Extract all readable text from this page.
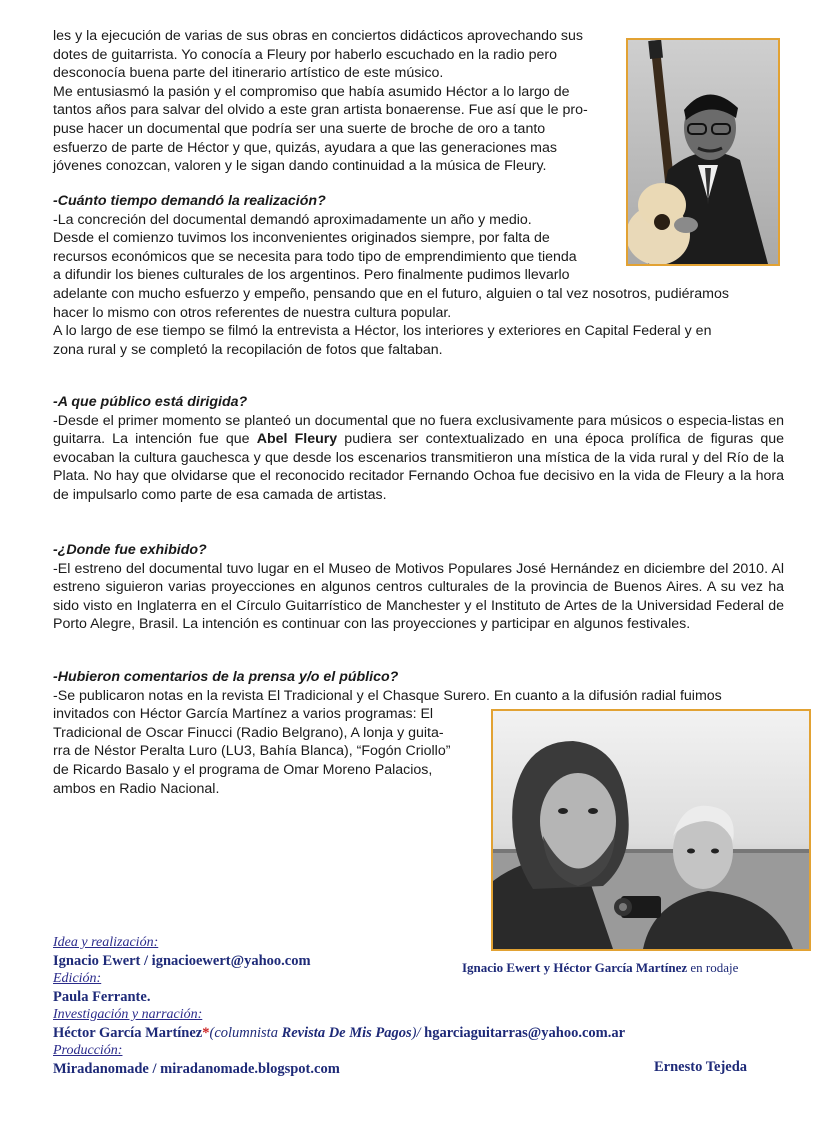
les y la ejecución de varias de sus obras en conciertos didácticos aprovechando sus

dotes de guitarrista. Yo conocía a Fleury por haberlo escuchado en la radio pero

desconocía buena parte del itinerario artístico de este músico.

Me entusiasmó la pasión y el compromiso que había asumido Héctor a lo largo de

tantos años para salvar del olvido a este gran artista bonaerense. Fue así que le pro-

puse hacer un documental que podría ser una suerte de broche de oro a tanto

esfuerzo de parte de Héctor y que, quizás, ayudara a que las generaciones mas

jóvenes conozcan, valoren y le sigan dando continuidad a la música de Fleury.

-Cuánto tiempo demandó la realización?

-La concreción del documental demandó aproximadamente un año y medio.

Desde el comienzo tuvimos los inconvenientes originados siempre, por falta de

recursos económicos que se necesita para todo tipo de emprendimiento que tienda

a difundir los bienes culturales de los argentinos. Pero finalmente pudimos llevarlo

adelante con mucho esfuerzo y empeño, pensando que en el futuro, alguien o tal vez nosotros, pudiéramos

hacer lo mismo con otros referentes de nuestra cultura popular.

A lo largo de ese tiempo se filmó la entrevista a Héctor, los interiores y exteriores en Capital Federal y en

zona rural y se completó la recopilación de fotos que faltaban.

-A que público está dirigida?

-Desde el primer momento se planteó un documental que no fuera exclusivamente para músicos o especia-listas en guitarra. La intención fue que Abel Fleury pudiera ser contextualizado en una época prolífica de figuras que evocaban la cultura gauchesca y que desde los escenarios transmitieron una mística de la vida rural y del Río de la Plata. No hay que olvidarse que el reconocido recitador Fernando Ochoa fue decisivo en la vida de Fleury a la hora de impulsarlo como parte de esa camada de artistas.

-¿Donde fue exhibido?

-El estreno del documental tuvo lugar en el Museo de Motivos Populares José Hernández en diciembre del 2010. Al estreno siguieron varias proyecciones en algunos centros culturales de la provincia de Buenos Aires. A su vez ha sido visto en Inglaterra en el Círculo Guitarrístico de Manchester y el Instituto de Artes de la Universidad Federal de Porto Alegre, Brasil. La intención es continuar con las proyecciones y participar en algunos festivales.

-Hubieron comentarios de la prensa y/o el público?

-Se publicaron notas en la revista El Tradicional y el Chasque Surero. En cuanto a la difusión radial fuimos

invitados con Héctor García Martínez a varios programas: El

Tradicional de Oscar Finucci (Radio Belgrano), A lonja y guita-

rra de Néstor Peralta Luro (LU3, Bahía Blanca), “Fogón Criollo”

de Ricardo Basalo y el programa de Omar Moreno Palacios,

ambos en Radio Nacional.

Ignacio Ewert y Héctor García Martínez en rodaje
Idea y realización:
Ignacio Ewert / ignacioewert@yahoo.com
Edición:
Paula Ferrante.
Investigación y narración:
Héctor García Martínez*(columnista Revista De Mis Pagos)/ hgarciaguitarras@yahoo.com.ar
Producción:
Miradanomade / miradanomade.blogspot.com	Ernesto Tejeda
